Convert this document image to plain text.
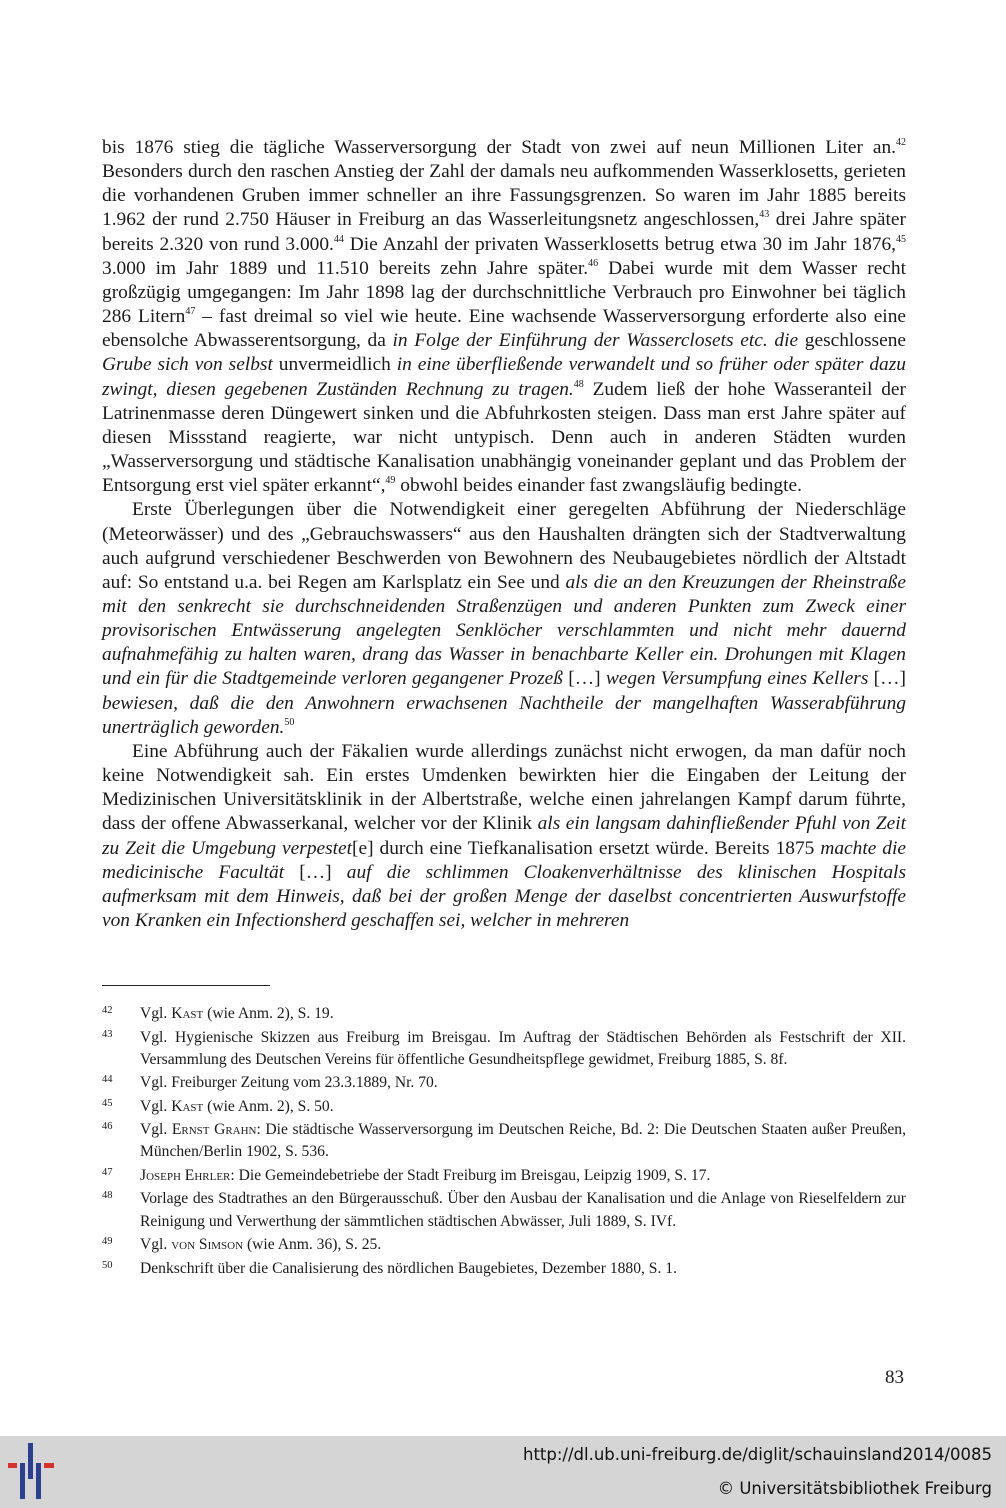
bis 1876 stieg die tägliche Wasserversorgung der Stadt von zwei auf neun Millionen Liter an.$^{42}$ Besonders durch den raschen Anstieg der Zahl der damals neu aufkommenden Wasserklosetts, gerieten die vorhandenen Gruben immer schneller an ihre Fassungsgrenzen. So waren im Jahr 1885 bereits 1.962 der rund 2.750 Häuser in Freiburg an das Wasserleitungsnetz angeschlossen,$^{43}$ drei Jahre später bereits 2.320 von rund 3.000.44 Die Anzahl der privaten Wasserklosetts betrug etwa 30 im Jahr 1876,45 3.000 im Jahr 1889 und 11.510 bereits zehn Jahre später.$^{46}$ Dabei wurde mit dem Wasser recht großzügig umgegangen: Im Jahr 1898 lag der durchschnittliche Verbrauch pro Einwohner bei täglich 286 Litern$^{47}$ – fast dreimal so viel wie heute. Eine wachsende Wasserversorgung erforderte also eine ebensolche Abwasserentsorgung, da in Folge der Einführung der Wasserclosets etc. die geschlossene Grube sich von selbst unvermeidlich in eine überfließende verwandelt und so früher oder später dazu zwingt, diesen gegebenen Zuständen Rechnung zu tragen.$^{48}$ Zudem ließ der hohe Wasseranteil der Latrinenmasse deren Düngewert sinken und die Abfuhrkosten steigen. Dass man erst Jahre später auf diesen Missstand reagierte, war nicht untypisch. Denn auch in anderen Städten wurden „Wasserversorgung und städtische Kanalisation unabhängig voneinander geplant und das Problem der Entsorgung erst viel später erkannt“,$^{49}$ obwohl beides einander fast zwangsläufig bedingte.

Erste Überlegungen über die Notwendigkeit einer geregelten Abführung der Niederschläge (Meteorwässer) und des „Gebrauchswassers“ aus den Haushalten drängten sich der Stadtverwaltung auch aufgrund verschiedener Beschwerden von Bewohnern des Neubaugebietes nördlich der Altstadt auf: So entstand u.a. bei Regen am Karlsplatz ein See und als die an den Kreuzungen der Rheinstraße mit den senkrecht sie durchschneidenden Straßenzügen und anderen Punkten zum Zweck einer provisorischen Entwässerung angelegten Senklöcher verschlammten und nicht mehr dauernd aufnahmefähig zu halten waren, drang das Wasser in benachbarte Keller ein. Drohungen mit Klagen und ein für die Stadtgemeinde verloren gegangener Prozeß […] wegen Versumpfung eines Kellers […] bewiesen, daß die den Anwohnern erwachsenen Nachtheile der mangelhaften Wasserabführung unerträglich geworden.$^{50}$

Eine Abführung auch der Fäkalien wurde allerdings zunächst nicht erwogen, da man dafür noch keine Notwendigkeit sah. Ein erstes Umdenken bewirkten hier die Eingaben der Leitung der Medizinischen Universitätsklinik in der Albertstraße, welche einen jahrelangen Kampf darum führte, dass der offene Abwasserkanal, welcher vor der Klinik als ein langsam dahinfließender Pfuhl von Zeit zu Zeit die Umgebung verpestet[e] durch eine Tiefkanalisation ersetzt würde. Bereits 1875 machte die medicinische Facultät […] auf die schlimmen Cloakenverhältnisse des klinischen Hospitals aufmerksam mit dem Hinweis, daß bei der großen Menge der daselbst concentrierten Auswurfstoffe von Kranken ein Infectionsherd geschaffen sei, welcher in mehreren

42	Vgl. Kast (wie Anm. 2), S. 19.
43	Vgl. Hygienische Skizzen aus Freiburg im Breisgau. Im Auftrag der Städtischen Behörden als Festschrift der XII. Versammlung des Deutschen Vereins für öffentliche Gesundheitspflege gewidmet, Freiburg 1885, S. 8f.
44	Vgl. Freiburger Zeitung vom 23.3.1889, Nr. 70.
45	Vgl. Kast (wie Anm. 2), S. 50.
46	Vgl. Ernst Grahn: Die städtische Wasserversorgung im Deutschen Reiche, Bd. 2: Die Deutschen Staaten außer Preußen, München/Berlin 1902, S. 536.
47	Joseph Ehrler: Die Gemeindebetriebe der Stadt Freiburg im Breisgau, Leipzig 1909, S. 17.
48	Vorlage des Stadtrathes an den Bürgerausschuß. Über den Ausbau der Kanalisation und die Anlage von Rieselfeldern zur Reinigung und Verwerthung der sämmtlichen städtischen Abwässer, Juli 1889, S. IVf.
49	Vgl. von Simson (wie Anm. 36), S. 25.
50	Denkschrift über die Canalisierung des nördlichen Baugebietes, Dezember 1880, S. 1.
83
http://dl.ub.uni-freiburg.de/diglit/schauinsland2014/0085
© Universitätsbibliothek Freiburg
